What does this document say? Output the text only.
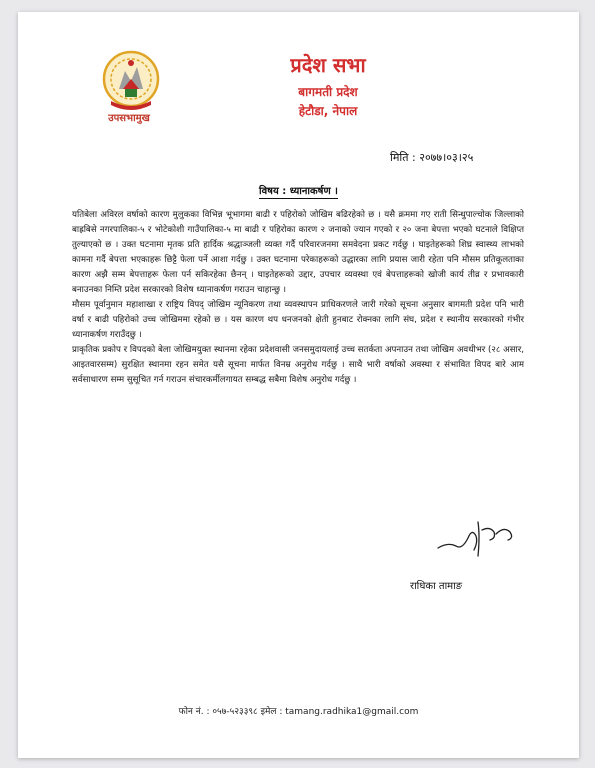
उपसभामुख
प्रदेश सभा
बागमती प्रदेश
हेटौडा, नेपाल
मिति : २०७७।०३।२५
विषय : ध्यानाकर्षण ।

यतिबेला अविरल वर्षाको कारण मुलुकका विभिन्न भूभागमा बाढी र पहिरोको जोखिम बढिरहेको छ । यसै क्रममा गए राती सिन्धुपाल्चोक जिल्लाको बाह्रबिसे नगरपालिका-५ र भोटेकोशी गाउँपालिका-५ मा बाढी र पहिरोका कारण २ जनाको ज्यान गएको र २० जना बेपत्ता भएको घटनाले विक्षिप्त तुल्याएको छ । उक्त घटनामा मृतक प्रति हार्दिक श्रद्धाञ्जली व्यक्त गर्दै परिवारजनमा समवेदना प्रकट गर्दछु । घाइतेहरूको शिघ्र स्वास्थ्य लाभको कामना गर्दै बेपत्ता भएकाहरू छिट्टै फेला पर्ने आशा गर्दछु । उक्त घटनामा परेकाहरूको उद्धारका लागि प्रयास जारी रहेता पनि मौसम प्रतिकूलताका कारण अझै सम्म बेपत्ताहरू फेला पर्न सकिरहेका छैनन् । घाइतेहरूको उद्दार, उपचार व्यवस्था एवं बेपत्ताहरूको खोजी कार्य तीव्र र प्रभावकारी बनाउनका निम्ति प्रदेश सरकारको विशेष ध्यानाकर्षण गराउन चाहान्छु ।

मौसम पूर्वानुमान महाशाखा र राष्ट्रिय विपद् जोखिम न्यूनिकरण तथा व्यवस्थापन प्राधिकरणले जारी गरेको सूचना अनुसार बागमती प्रदेश पनि भारी वर्षा र बाढी पहिरोको उच्च जोखिममा रहेको छ । यस कारण थप धनजनको क्षेती हुनबाट रोक्नका लागि संघ, प्रदेश र स्थानीय सरकारको गंभीर ध्यानाकर्षण गराउँदछु ।

प्राकृतिक प्रकोप र विपदको बेला जोखिमयुक्त स्थानमा रहेका प्रदेशवासी जनसमुदायलाई उच्च सतर्कता अपनाउन तथा जोखिम अवधीभर (२८ असार, आइतवारसम्म) सुरक्षित स्थानमा रहन समेत यसै सूचना मार्फत विनम्र अनुरोध गर्दछु । साथै भारी वर्षाको अवस्था र संभावित विपद बारे आम सर्वसाधारण सम्म सुसूचित गर्न गराउन संचारकर्मीलगायत सम्बद्ध सबैमा विशेष अनुरोध गर्दछु ।

राधिका तामाङ
फोन नं. : ०५७-५२३३९८ इमेल : tamang.radhika1@gmail.com
